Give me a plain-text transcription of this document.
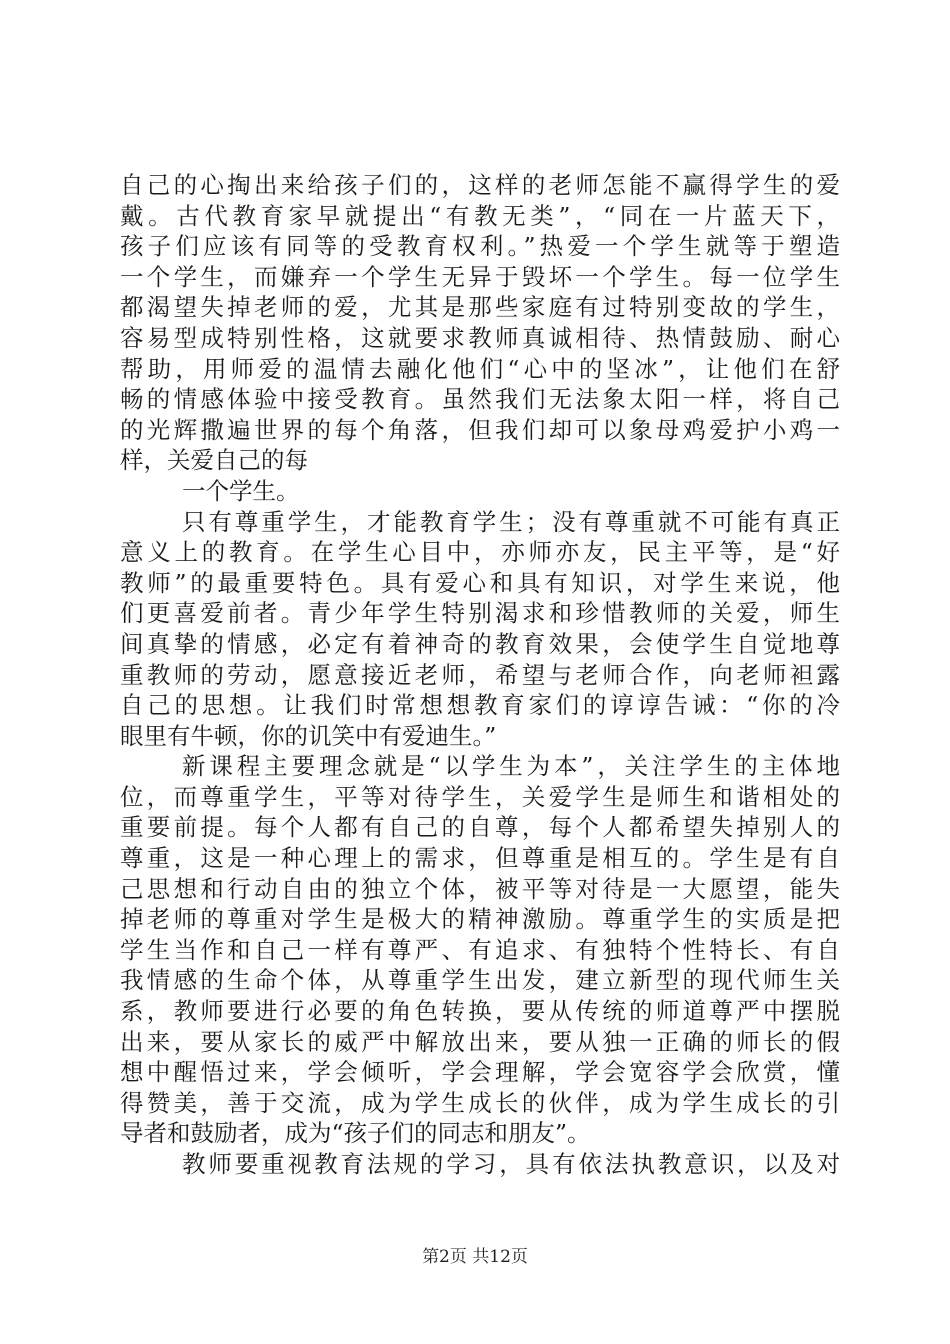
自己的心掏出来给孩子们的，这样的老师怎能不赢得学生的爱
戴。古代教育家早就提出“有教无类”，“同在一片蓝天下，
孩子们应该有同等的受教育权利。”热爱一个学生就等于塑造
一个学生，而嫌弃一个学生无异于毁坏一个学生。每一位学生
都渴望失掉老师的爱，尤其是那些家庭有过特别变故的学生，
容易型成特别性格，这就要求教师真诚相待、热情鼓励、耐心
帮助，用师爱的温情去融化他们“心中的坚冰”，让他们在舒
畅的情感体验中接受教育。虽然我们无法象太阳一样，将自己
的光辉撒遍世界的每个角落，但我们却可以象母鸡爱护小鸡一
样，关爱自己的每
一个学生。
只有尊重学生，才能教育学生；没有尊重就不可能有真正
意义上的教育。在学生心目中，亦师亦友，民主平等，是“好
教师”的最重要特色。具有爱心和具有知识，对学生来说，他
们更喜爱前者。青少年学生特别渴求和珍惜教师的关爱，师生
间真挚的情感，必定有着神奇的教育效果，会使学生自觉地尊
重教师的劳动，愿意接近老师，希望与老师合作，向老师袒露
自己的思想。让我们时常想想教育家们的谆谆告诫：“你的冷
眼里有牛顿，你的讥笑中有爱迪生。”
新课程主要理念就是“以学生为本”，关注学生的主体地
位，而尊重学生，平等对待学生，关爱学生是师生和谐相处的
重要前提。每个人都有自己的自尊，每个人都希望失掉别人的
尊重，这是一种心理上的需求，但尊重是相互的。学生是有自
己思想和行动自由的独立个体，被平等对待是一大愿望，能失
掉老师的尊重对学生是极大的精神激励。尊重学生的实质是把
学生当作和自己一样有尊严、有追求、有独特个性特长、有自
我情感的生命个体，从尊重学生出发，建立新型的现代师生关
系，教师要进行必要的角色转换，要从传统的师道尊严中摆脱
出来，要从家长的威严中解放出来，要从独一正确的师长的假
想中醒悟过来，学会倾听，学会理解，学会宽容学会欣赏，懂
得赞美，善于交流，成为学生成长的伙伴，成为学生成长的引
导者和鼓励者，成为“孩子们的同志和朋友”。
教师要重视教育法规的学习，具有依法执教意识，以及对
第2页 共12页
